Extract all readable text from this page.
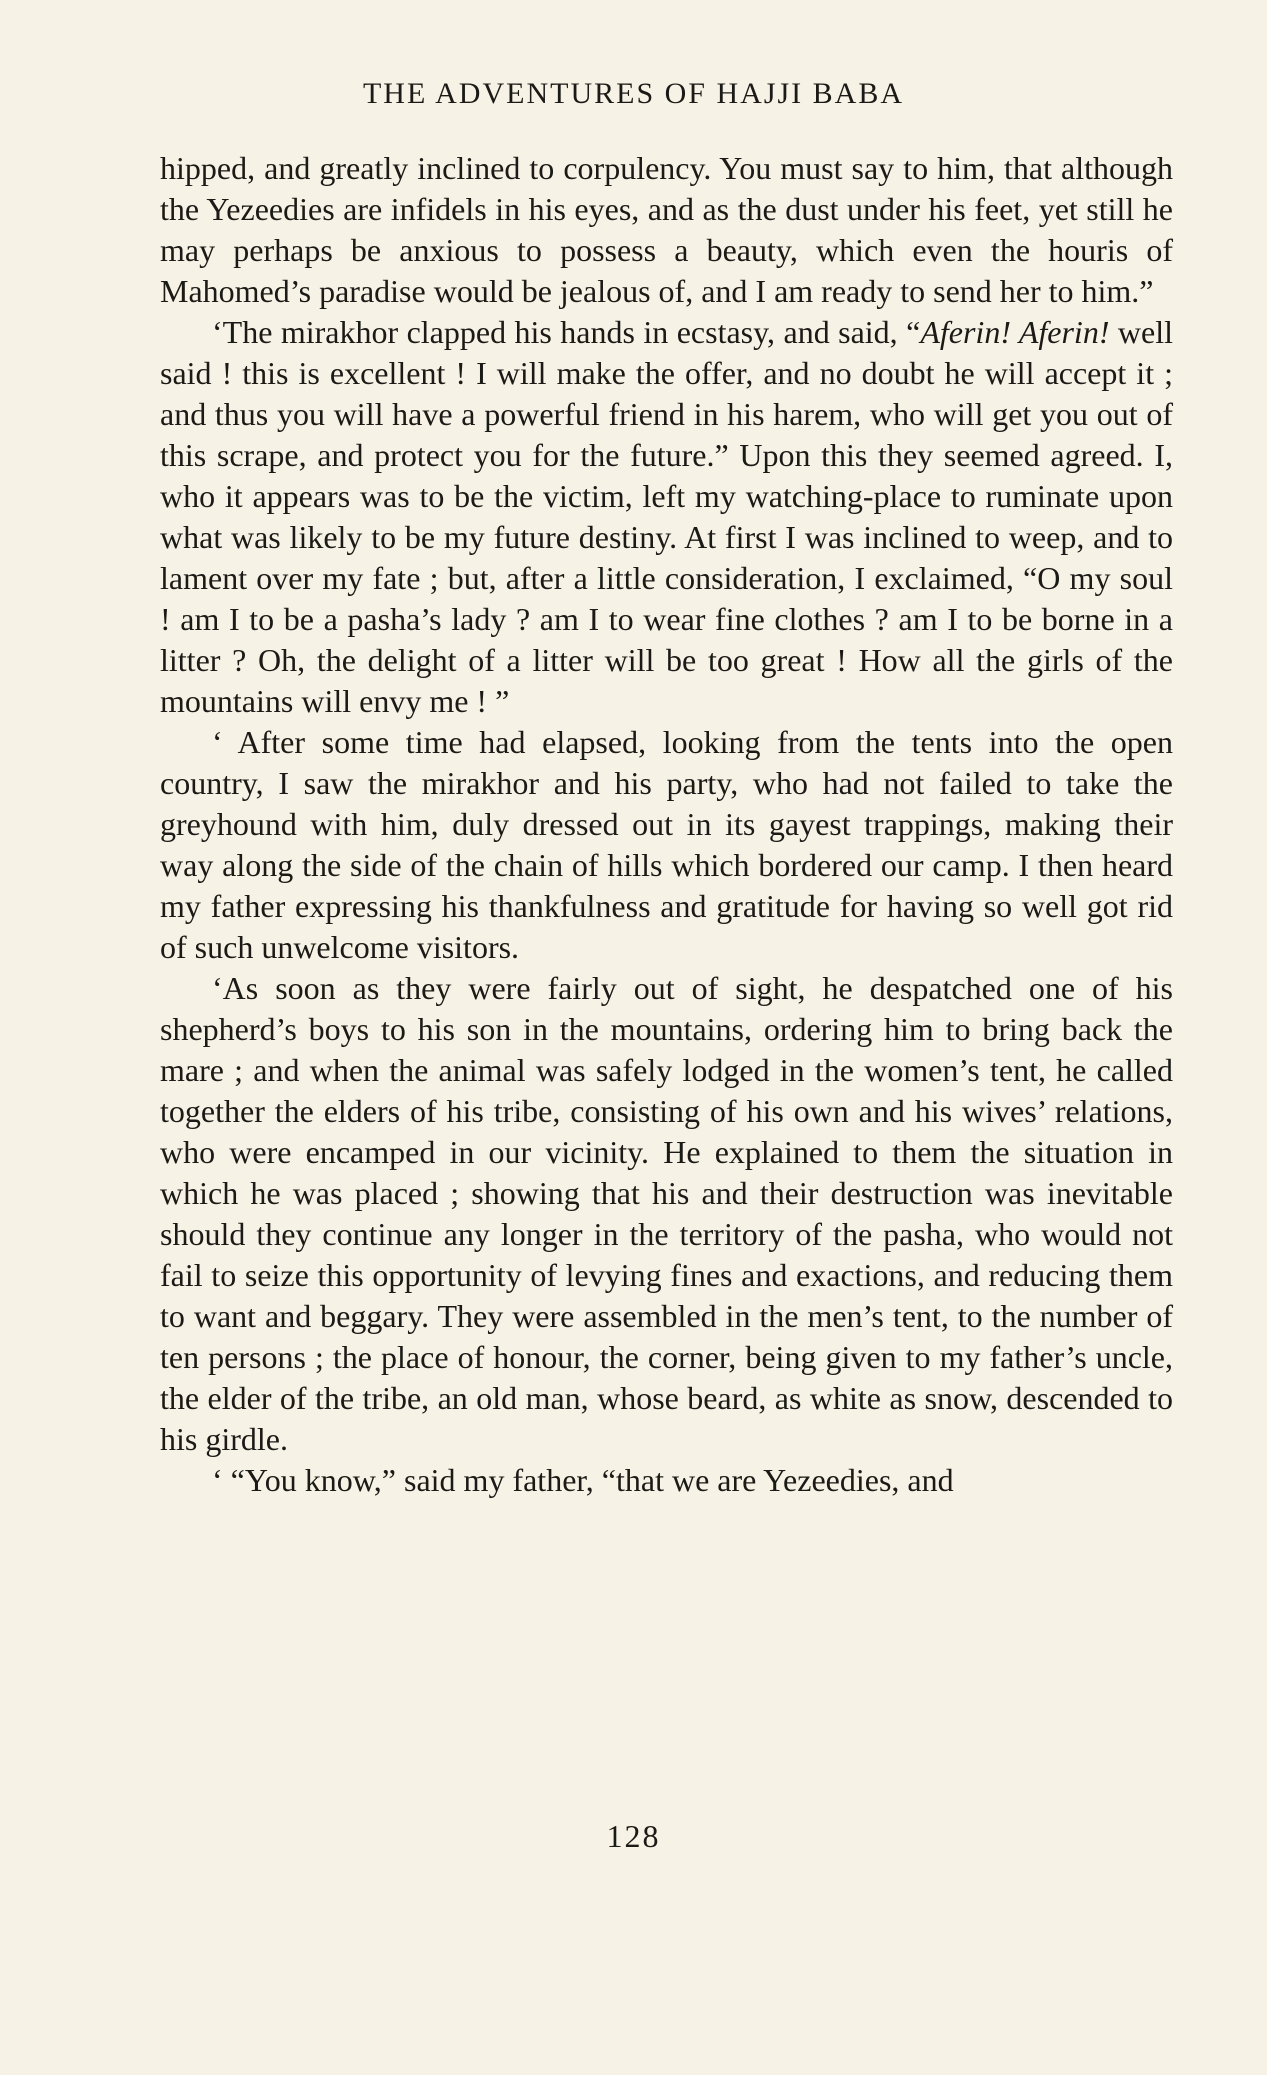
THE ADVENTURES OF HAJJI BABA

hipped, and greatly inclined to corpulency. You must say to him, that although the Yezeedies are infidels in his eyes, and as the dust under his feet, yet still he may perhaps be anxious to possess a beauty, which even the houris of Mahomed’s paradise would be jealous of, and I am ready to send her to him.”

‘The mirakhor clapped his hands in ecstasy, and said, “Aferin! Aferin! well said ! this is excellent ! I will make the offer, and no doubt he will accept it ; and thus you will have a powerful friend in his harem, who will get you out of this scrape, and protect you for the future.” Upon this they seemed agreed. I, who it appears was to be the victim, left my watching-place to ruminate upon what was likely to be my future destiny. At first I was inclined to weep, and to lament over my fate ; but, after a little consideration, I exclaimed, “O my soul ! am I to be a pasha’s lady ? am I to wear fine clothes ? am I to be borne in a litter ? Oh, the delight of a litter will be too great ! How all the girls of the mountains will envy me ! ”

‘ After some time had elapsed, looking from the tents into the open country, I saw the mirakhor and his party, who had not failed to take the greyhound with him, duly dressed out in its gayest trappings, making their way along the side of the chain of hills which bordered our camp. I then heard my father expressing his thankfulness and gratitude for having so well got rid of such unwelcome visitors.

‘As soon as they were fairly out of sight, he despatched one of his shepherd’s boys to his son in the mountains, ordering him to bring back the mare ; and when the animal was safely lodged in the women’s tent, he called together the elders of his tribe, consisting of his own and his wives’ relations, who were encamped in our vicinity. He explained to them the situation in which he was placed ; showing that his and their destruction was inevitable should they continue any longer in the territory of the pasha, who would not fail to seize this opportunity of levying fines and exactions, and reducing them to want and beggary. They were assembled in the men’s tent, to the number of ten persons ; the place of honour, the corner, being given to my father’s uncle, the elder of the tribe, an old man, whose beard, as white as snow, descended to his girdle.

‘ “You know,” said my father, “that we are Yezeedies, and

128
